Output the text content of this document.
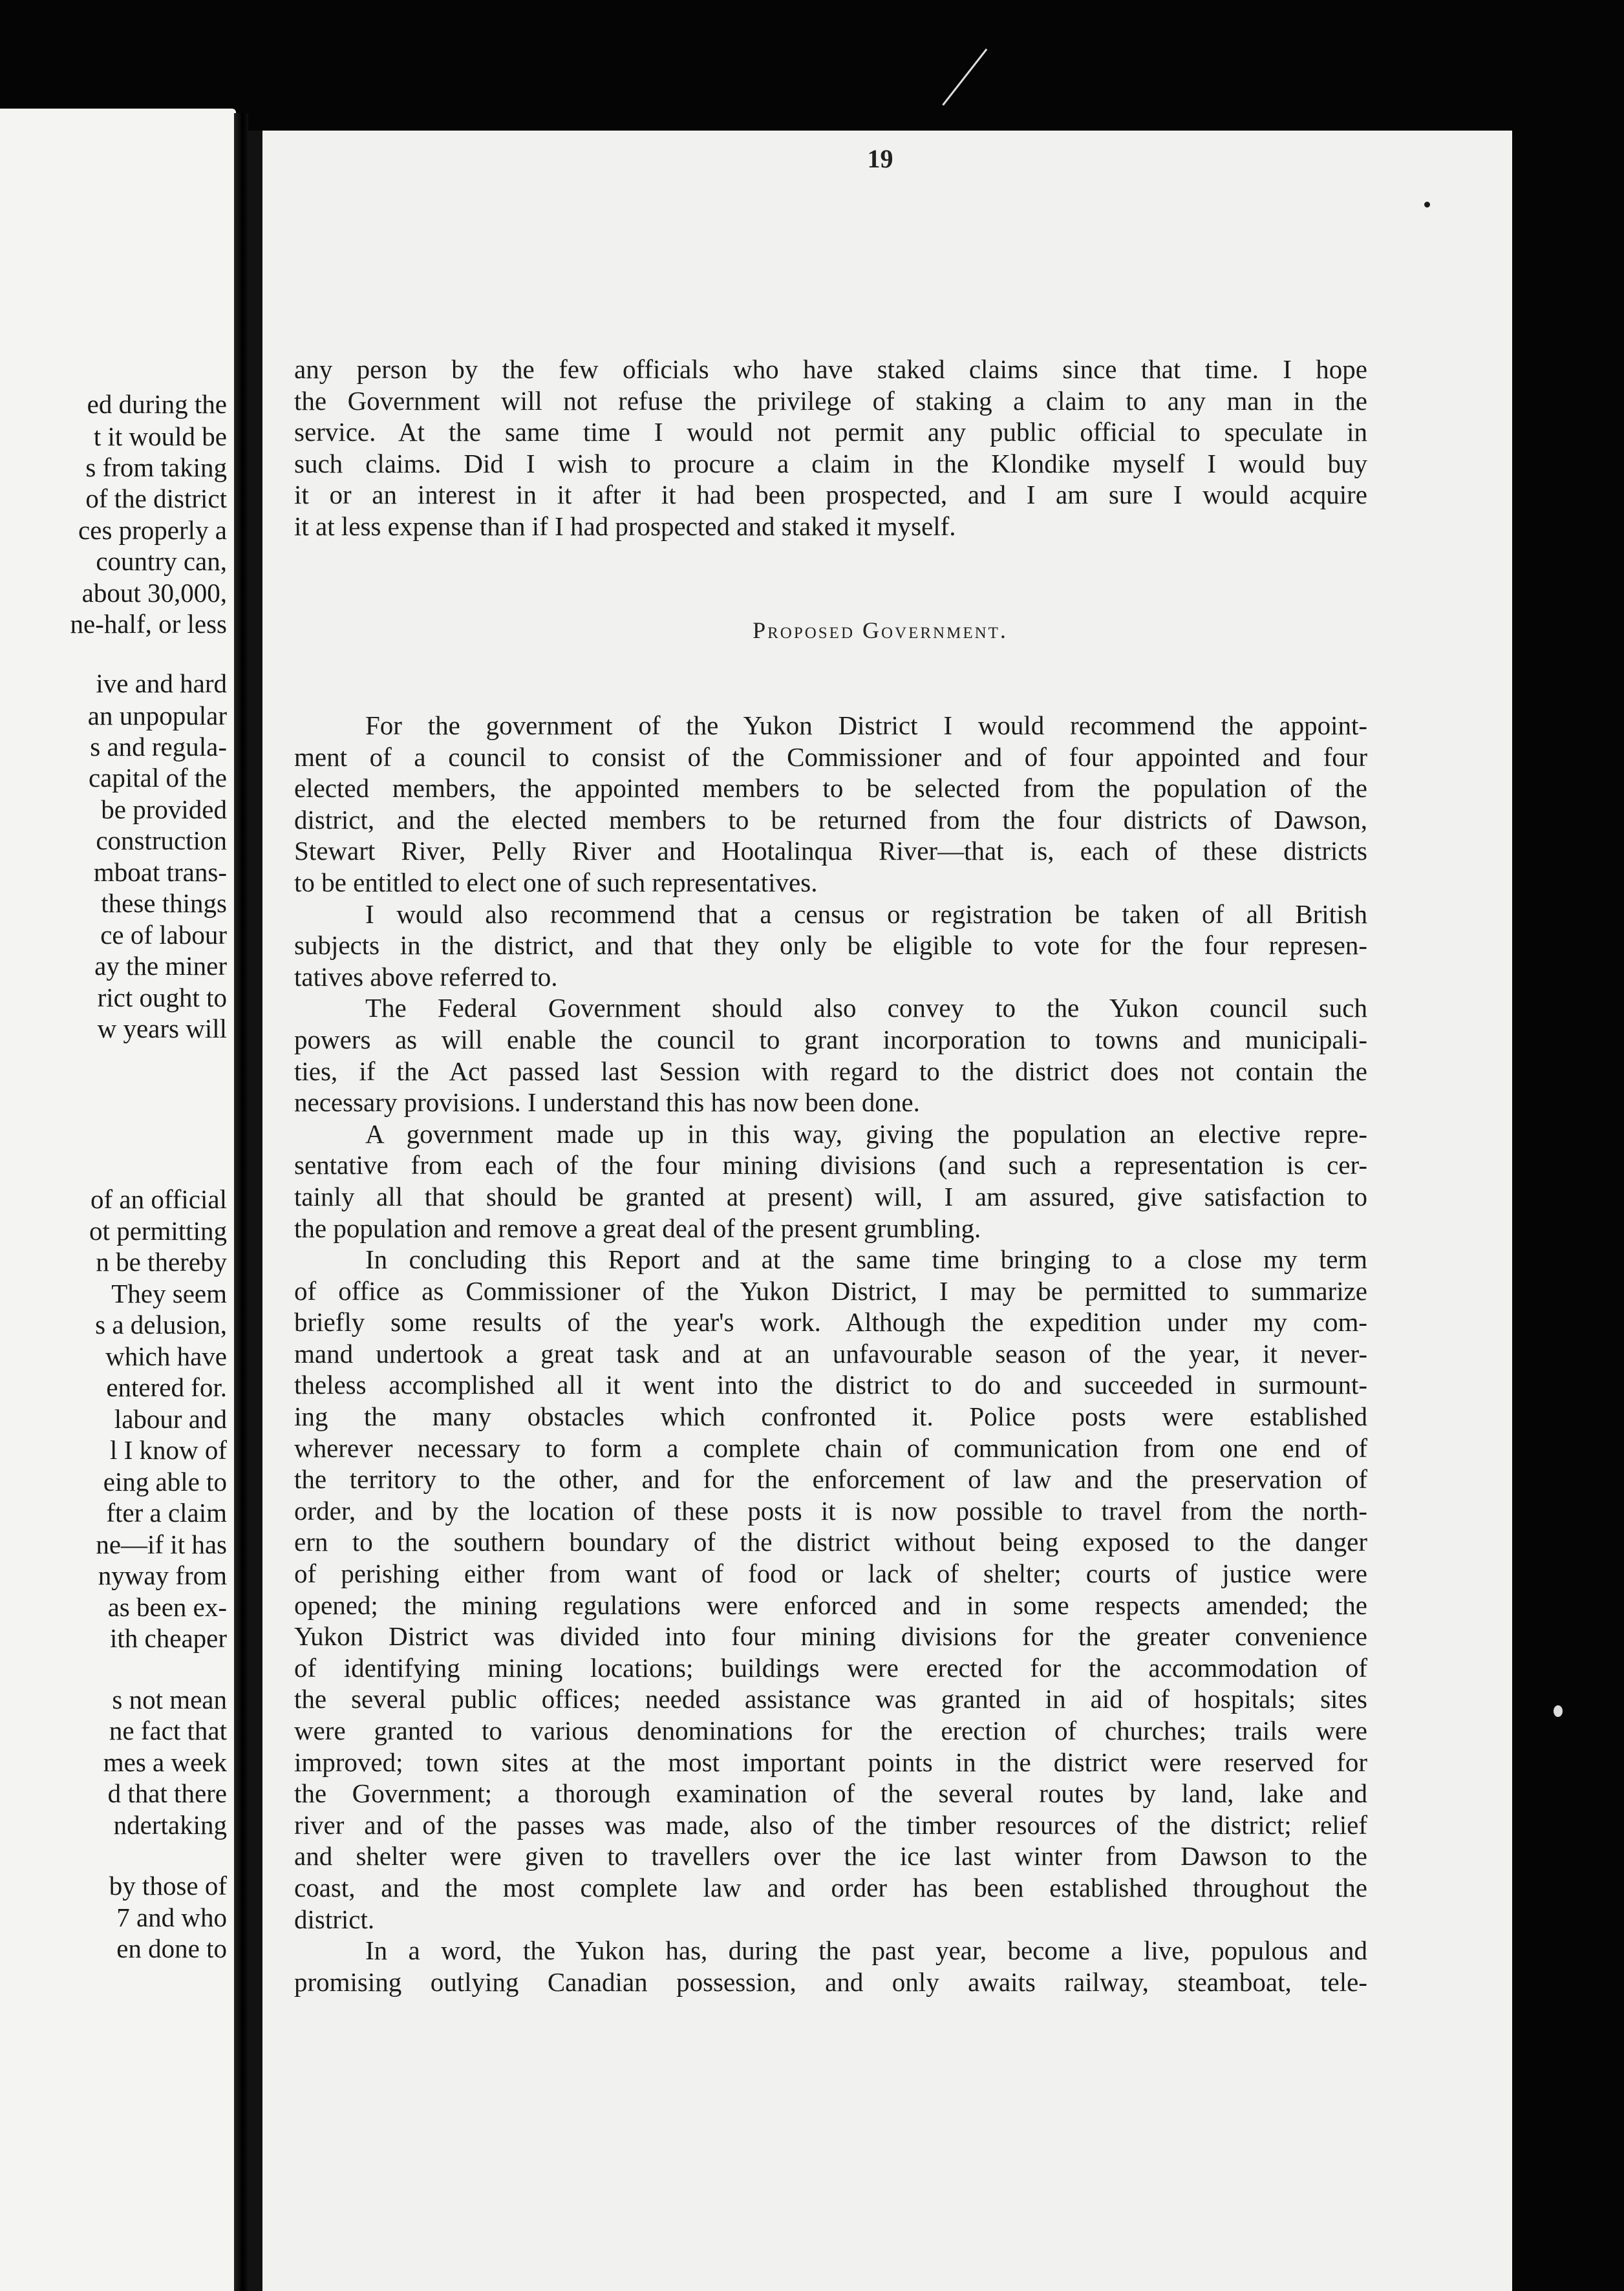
ed during the
t it would be
s from taking
of the district
ces properly a
country can,
about 30,000,
ne-half, or less
ive and hard
an unpopular
s and regula-
capital of the
be provided
construction
mboat trans-
these things
ce of labour
ay the miner
rict ought to
w years will
of an official
ot permitting
n be thereby
They seem
s a delusion,
which have
entered for.
labour and
l I know of
eing able to
fter a claim
ne—if it has
nyway from
as been ex-
ith cheaper
s not mean
ne fact that
mes a week
d that there
ndertaking
by those of
7 and who
en done to
19
any person by the few officials who have staked claims since that time. I hope
the Government will not refuse the privilege of staking a claim to any man in the
service. At the same time I would not permit any public official to speculate in
such claims. Did I wish to procure a claim in the Klondike myself I would buy
it or an interest in it after it had been prospected, and I am sure I would acquire
it at less expense than if I had prospected and staked it myself.
Proposed Government.
For the government of the Yukon District I would recommend the appoint-
ment of a council to consist of the Commissioner and of four appointed and four
elected members, the appointed members to be selected from the population of the
district, and the elected members to be returned from the four districts of Dawson,
Stewart River, Pelly River and Hootalinqua River—that is, each of these districts
to be entitled to elect one of such representatives.
I would also recommend that a census or registration be taken of all British
subjects in the district, and that they only be eligible to vote for the four represen-
tatives above referred to.
The Federal Government should also convey to the Yukon council such
powers as will enable the council to grant incorporation to towns and municipali-
ties, if the Act passed last Session with regard to the district does not contain the
necessary provisions. I understand this has now been done.
A government made up in this way, giving the population an elective repre-
sentative from each of the four mining divisions (and such a representation is cer-
tainly all that should be granted at present) will, I am assured, give satisfaction to
the population and remove a great deal of the present grumbling.
In concluding this Report and at the same time bringing to a close my term
of office as Commissioner of the Yukon District, I may be permitted to summarize
briefly some results of the year's work. Although the expedition under my com-
mand undertook a great task and at an unfavourable season of the year, it never-
theless accomplished all it went into the district to do and succeeded in surmount-
ing the many obstacles which confronted it. Police posts were established
wherever necessary to form a complete chain of communication from one end of
the territory to the other, and for the enforcement of law and the preservation of
order, and by the location of these posts it is now possible to travel from the north-
ern to the southern boundary of the district without being exposed to the danger
of perishing either from want of food or lack of shelter; courts of justice were
opened; the mining regulations were enforced and in some respects amended; the
Yukon District was divided into four mining divisions for the greater convenience
of identifying mining locations; buildings were erected for the accommodation of
the several public offices; needed assistance was granted in aid of hospitals; sites
were granted to various denominations for the erection of churches; trails were
improved; town sites at the most important points in the district were reserved for
the Government; a thorough examination of the several routes by land, lake and
river and of the passes was made, also of the timber resources of the district; relief
and shelter were given to travellers over the ice last winter from Dawson to the
coast, and the most complete law and order has been established throughout the
district.
In a word, the Yukon has, during the past year, become a live, populous and
promising outlying Canadian possession, and only awaits railway, steamboat, tele-
